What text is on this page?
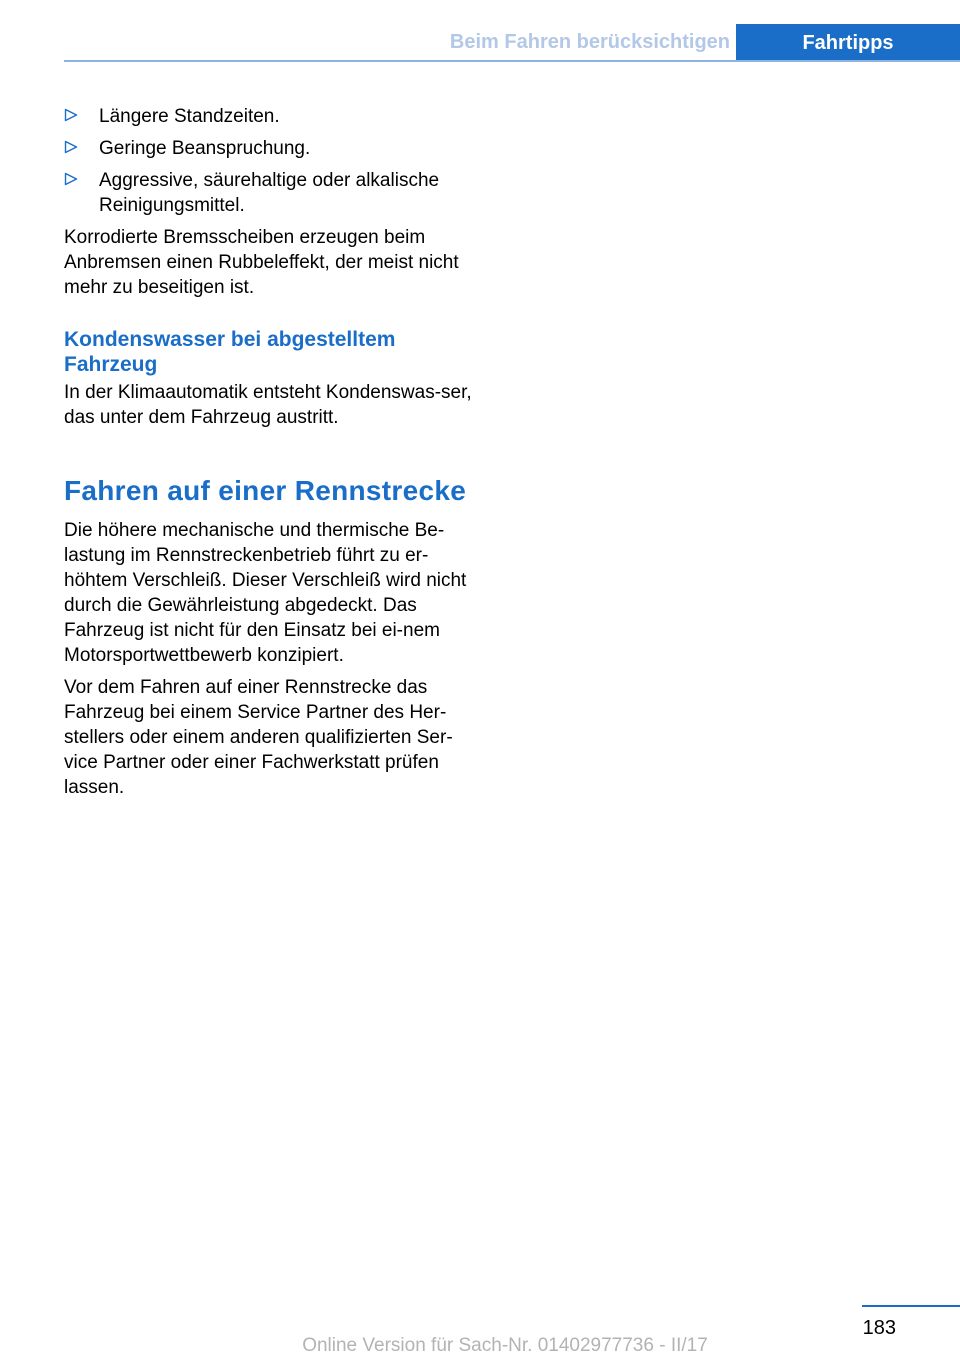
Beim Fahren berücksichtigen	Fahrtipps
Längere Standzeiten.
Geringe Beanspruchung.
Aggressive, säurehaltige oder alkalische Reinigungsmittel.

Korrodierte Bremsscheiben erzeugen beim Anbremsen einen Rubbeleffekt, der meist nicht mehr zu beseitigen ist.

Kondenswasser bei abgestelltem Fahrzeug

In der Klimaautomatik entsteht Kondenswas-ser, das unter dem Fahrzeug austritt.

Fahren auf einer Rennstrecke

Die höhere mechanische und thermische Be-lastung im Rennstreckenbetrieb führt zu er-höhtem Verschleiß. Dieser Verschleiß wird nicht durch die Gewährleistung abgedeckt. Das Fahrzeug ist nicht für den Einsatz bei ei-nem Motorsportwettbewerb konzipiert.

Vor dem Fahren auf einer Rennstrecke das Fahrzeug bei einem Service Partner des Her-stellers oder einem anderen qualifizierten Ser-vice Partner oder einer Fachwerkstatt prüfen lassen.

183
Online Version für Sach-Nr. 01402977736 - II/17
